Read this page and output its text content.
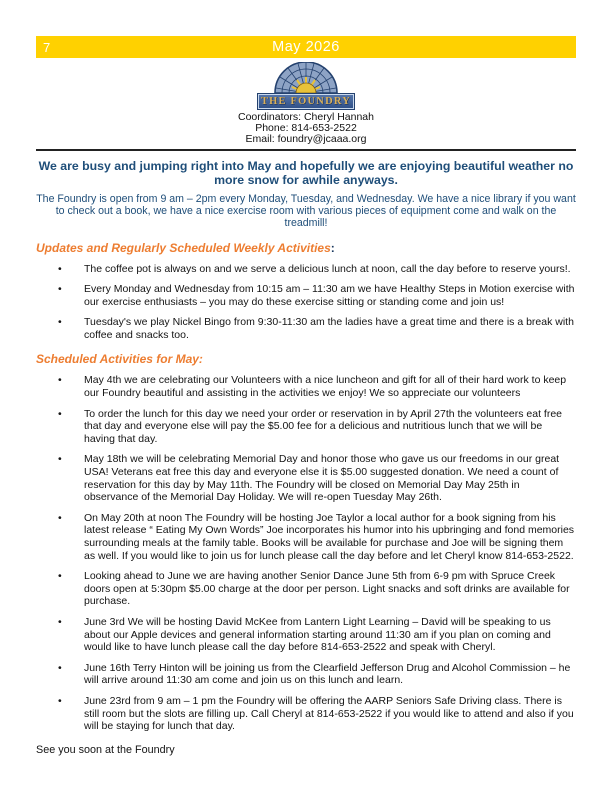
7	May 2026
THE FOUNDRY
Coordinators: Cheryl Hannah
Phone: 814-653-2522
Email: foundry@jcaaa.org
We are busy and jumping right into May and hopefully we are enjoying beautiful weather no more snow for awhile anyways.
The Foundry is open from 9 am – 2pm every Monday, Tuesday, and Wednesday. We have a nice library if you want to check out a book, we have a nice exercise room with various pieces of equipment come and walk on the treadmill!
Updates and Regularly Scheduled Weekly Activities:
• The coffee pot is always on and we serve a delicious lunch at noon, call the day before to reserve yours!.
• Every Monday and Wednesday from 10:15 am – 11:30 am we have Healthy Steps in Motion exercise with our exercise enthusiasts – you may do these exercise sitting or standing come and join us!
• Tuesday's we play Nickel Bingo from 9:30-11:30 am the ladies have a great time and there is a break with coffee and snacks too.
Scheduled Activities for May:
• May 4th we are celebrating our Volunteers with a nice luncheon and gift for all of their hard work to keep our Foundry beautiful and assisting in the activities we enjoy! We so appreciate our volunteers
• To order the lunch for this day we need your order or reservation in by April 27th the volunteers eat free that day and everyone else will pay the $5.00 fee for a delicious and nutritious lunch that we will be having that day.
• May 18th we will be celebrating Memorial Day and honor those who gave us our freedoms in our great USA! Veterans eat free this day and everyone else it is $5.00 suggested donation. We need a count of reservation for this day by May 11th. The Foundry will be closed on Memorial Day May 25th in observance of the Memorial Day Holiday. We will re-open Tuesday May 26th.
• On May 20th at noon The Foundry will be hosting Joe Taylor a local author for a book signing from his latest release “ Eating My Own Words” Joe incorporates his humor into his upbringing and fond memories surrounding meals at the family table. Books will be available for purchase and Joe will be signing them as well. If you would like to join us for lunch please call the day before and let Cheryl know 814-653-2522.
• Looking ahead to June we are having another Senior Dance June 5th from 6-9 pm with Spruce Creek doors open at 5:30pm $5.00 charge at the door per person. Light snacks and soft drinks are available for purchase.
• June 3rd We will be hosting David McKee from Lantern Light Learning – David will be speaking to us about our Apple devices and general information starting around 11:30 am if you plan on coming and would like to have lunch please call the day before 814-653-2522 and speak with Cheryl.
• June 16th Terry Hinton will be joining us from the Clearfield Jefferson Drug and Alcohol Commission – he will arrive around 11:30 am come and join us on this lunch and learn.
• June 23rd from 9 am – 1 pm the Foundry will be offering the AARP Seniors Safe Driving class. There is still room but the slots are filling up. Call Cheryl at 814-653-2522 if you would like to attend and also if you will be staying for lunch that day.
See you soon at the Foundry
